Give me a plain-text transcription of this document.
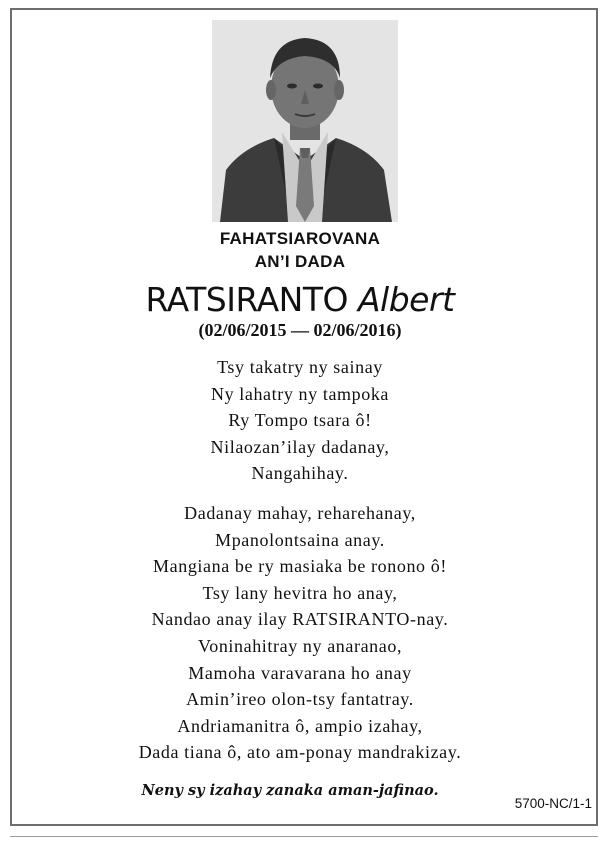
FAHATSIAROVANA
AN’I DADA
RATSIRANTO Albert
(02/06/2015 — 02/06/2016)
Tsy takatry ny sainay
Ny lahatry ny tampoka
Ry Tompo tsara ô!
Nilaozan’ilay dadanay,
Nangahihay.
Dadanay mahay, reharehanay,
Mpanolontsaina anay.
Mangiana be ry masiaka be ronono ô!
Tsy lany hevitra ho anay,
Nandao anay ilay RATSIRANTO-nay.
Voninahitray ny anaranao,
Mamoha varavarana ho anay
Amin’ireo olon-tsy fantatray.
Andriamanitra ô, ampio izahay,
Dada tiana ô, ato am-ponay mandrakizay.
Neny sy izahay zanaka aman-jafinao.
5700-NC/1-1
